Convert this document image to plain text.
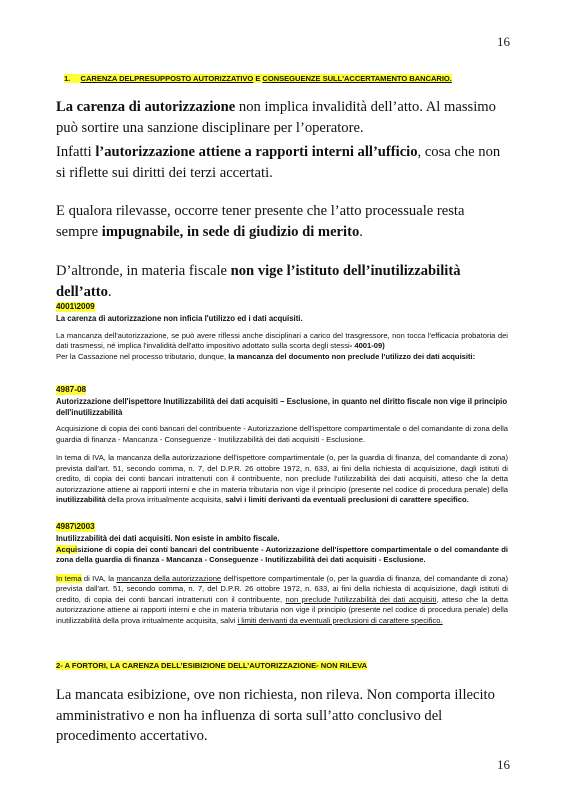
16
1. CARENZA DELPRESUPPOSTO AUTORIZZATIVO E CONSEGUENZE SULL'ACCERTAMENTO BANCARIO.
La carenza di autorizzazione non implica invalidità dell’atto. Al massimo può sortire una sanzione disciplinare per l’operatore.
Infatti l’autorizzazione attiene a rapporti interni all’ufficio, cosa che non si riflette sui diritti dei terzi accertati.
E qualora rilevasse, occorre tener presente che l’atto processuale resta sempre impugnabile, in sede di giudizio di merito.
D’altronde, in materia fiscale non vige l’istituto dell’inutilizzabilità dell’atto.
4001\2009
La carenza di autorizzazione non inficia l'utilizzo ed i dati acquisiti.
La mancanza dell'autorizzazione, se può avere riflessi anche disciplinari a carico del trasgressore, non tocca l'efficacia probatoria dei dati trasmessi, né implica l'invalidità dell'atto impositivo adottato sulla scorta degli stessi- 4001-09)
Per la Cassazione nel processo tributario, dunque, la mancanza del documento non preclude l'utilizzo dei dati acquisiti:
4987-08
Autorizzazione dell'ispettore Inutilizzabilità dei dati acquisiti – Esclusione, in quanto nel diritto fiscale non vige il principio dell'inutilizzabilità
Acquisizione di copia dei conti bancari del contribuente - Autorizzazione dell'ispettore compartimentale o del comandante di zona della guardia di finanza - Mancanza - Conseguenze - Inutilizzabilità dei dati acquisiti - Esclusione.
In tema di IVA, la mancanza della autorizzazione dell'ispettore compartimentale (o, per la guardia di finanza, del comandante di zona) prevista dall'art. 51, secondo comma, n. 7, del D.P.R. 26 ottobre 1972, n. 633, ai fini della richiesta di acquisizione, dagli istituti di credito, di copia dei conti bancari intrattenuti con il contribuente, non preclude l'utilizzabilità dei dati acquisiti, atteso che la detta autorizzazione attiene ai rapporti interni e che in materia tributaria non vige il principio (presente nel codice di procedura penale) della inutilizzabilità della prova irritualmente acquisita, salvi i limiti derivanti da eventuali preclusioni di carattere specifico.
4987\2003
Inutilizzabilità dei dati acquisiti. Non esiste in ambito fiscale.
Acquisizione di copia dei conti bancari del contribuente - Autorizzazione dell'ispettore compartimentale o del comandante di zona della guardia di finanza - Mancanza - Conseguenze - Inutilizzabilità dei dati acquisiti - Esclusione.
In tema di IVA, la mancanza della autorizzazione dell'ispettore compartimentale (o, per la guardia di finanza, del comandante di zona) prevista dall'art. 51, secondo comma, n. 7, del D.P.R. 26 ottobre 1972, n. 633, ai fini della richiesta di acquisizione, dagli istituti di credito, di copia dei conti bancari intrattenuti con il contribuente, non preclude l'utilizzabilità dei dati acquisiti, atteso che la detta autorizzazione attiene ai rapporti interni e che in materia tributaria non vige il principio (presente nel codice di procedura penale) della inutilizzabilità della prova irritualmente acquisita, salvi i limiti derivanti da eventuali preclusioni di carattere specifico.
2- A FORTORI, LA CARENZA DELL’ESIBIZIONE DELL’AUTORIZZAZIONE- NON RILEVA
La mancata esibizione, ove non richiesta, non rileva. Non comporta illecito amministrativo e non ha influenza di sorta sull’atto conclusivo del procedimento accertativo.
16
